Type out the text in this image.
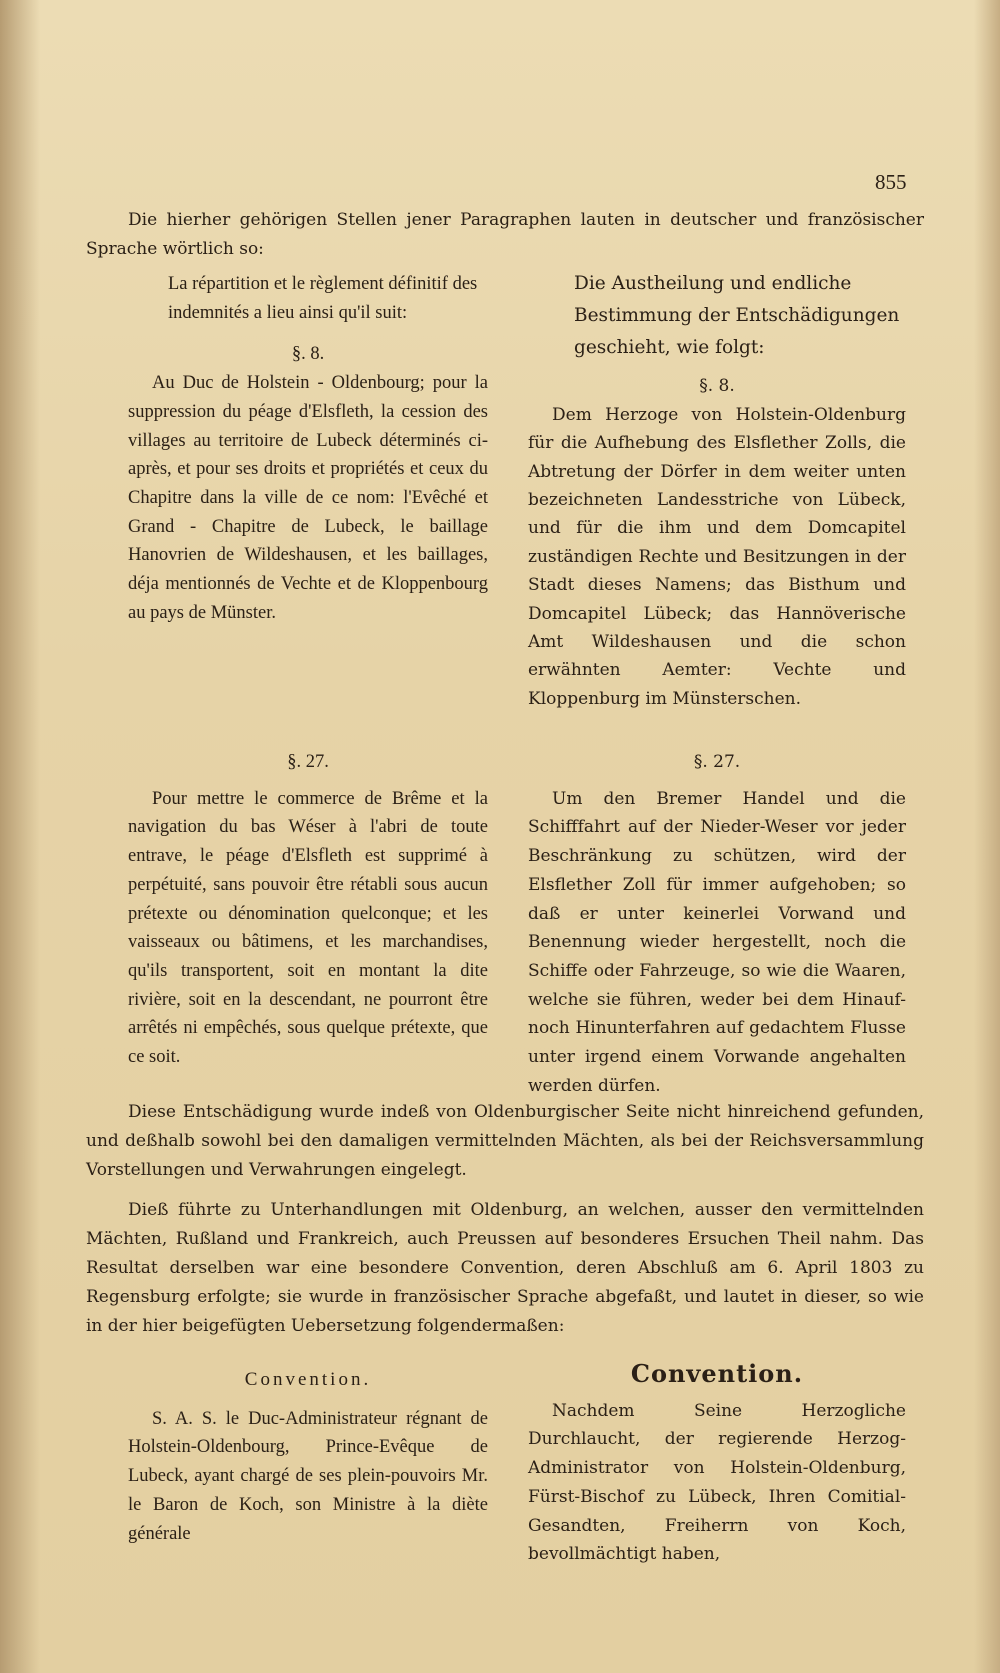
855
Die hierher gehörigen Stellen jener Paragraphen lauten in deutscher und französischer Sprache wörtlich so:
La répartition et le règlement définitif des indemnités a lieu ainsi qu'il suit:
§. 8.

Au Duc de Holstein - Oldenbourg; pour la suppression du péage d'Elsfleth, la cession des villages au territoire de Lubeck déterminés ci-après, et pour ses droits et propriétés et ceux du Chapitre dans la ville de ce nom: l'Evêché et Grand - Chapitre de Lubeck, le baillage Hanovrien de Wildeshausen, et les baillages, déja mentionnés de Vechte et de Kloppenbourg au pays de Münster.

Die Austheilung und endliche Bestimmung der Entschädigungen geschieht, wie folgt:
§. 8.

Dem Herzoge von Holstein-Oldenburg für die Aufhebung des Elsflether Zolls, die Abtretung der Dörfer in dem weiter unten bezeichneten Landesstriche von Lübeck, und für die ihm und dem Domcapitel zuständigen Rechte und Besitzungen in der Stadt dieses Namens; das Bisthum und Domcapitel Lübeck; das Hannöverische Amt Wildeshausen und die schon erwähnten Aemter: Vechte und Kloppenburg im Münsterschen.

§. 27.

Pour mettre le commerce de Brême et la navigation du bas Wéser à l'abri de toute entrave, le péage d'Elsfleth est supprimé à perpétuité, sans pouvoir être rétabli sous aucun prétexte ou dénomination quelconque; et les vaisseaux ou bâtimens, et les marchandises, qu'ils transportent, soit en montant la dite rivière, soit en la descendant, ne pourront être arrêtés ni empêchés, sous quelque prétexte, que ce soit.

§. 27.

Um den Bremer Handel und die Schifffahrt auf der Nieder-Weser vor jeder Beschränkung zu schützen, wird der Elsflether Zoll für immer aufgehoben; so daß er unter keinerlei Vorwand und Benennung wieder hergestellt, noch die Schiffe oder Fahrzeuge, so wie die Waaren, welche sie führen, weder bei dem Hinauf- noch Hinunterfahren auf gedachtem Flusse unter irgend einem Vorwande angehalten werden dürfen.

Diese Entschädigung wurde indeß von Oldenburgischer Seite nicht hinreichend gefunden, und deßhalb sowohl bei den damaligen vermittelnden Mächten, als bei der Reichsversammlung Vorstellungen und Verwahrungen eingelegt.
Dieß führte zu Unterhandlungen mit Oldenburg, an welchen, ausser den vermittelnden Mächten, Rußland und Frankreich, auch Preussen auf besonderes Ersuchen Theil nahm. Das Resultat derselben war eine besondere Convention, deren Abschluß am 6. April 1803 zu Regensburg erfolgte; sie wurde in französischer Sprache abgefaßt, und lautet in dieser, so wie in der hier beigefügten Uebersetzung folgendermaßen:
Convention.

S. A. S. le Duc-Administrateur régnant de Holstein-Oldenbourg, Prince-Evêque de Lubeck, ayant chargé de ses plein-pouvoirs Mr. le Baron de Koch, son Ministre à la diète générale

Convention.

Nachdem Seine Herzogliche Durchlaucht, der regierende Herzog-Administrator von Holstein-Oldenburg, Fürst-Bischof zu Lübeck, Ihren Comitial-Gesandten, Freiherrn von Koch, bevollmächtigt haben,
